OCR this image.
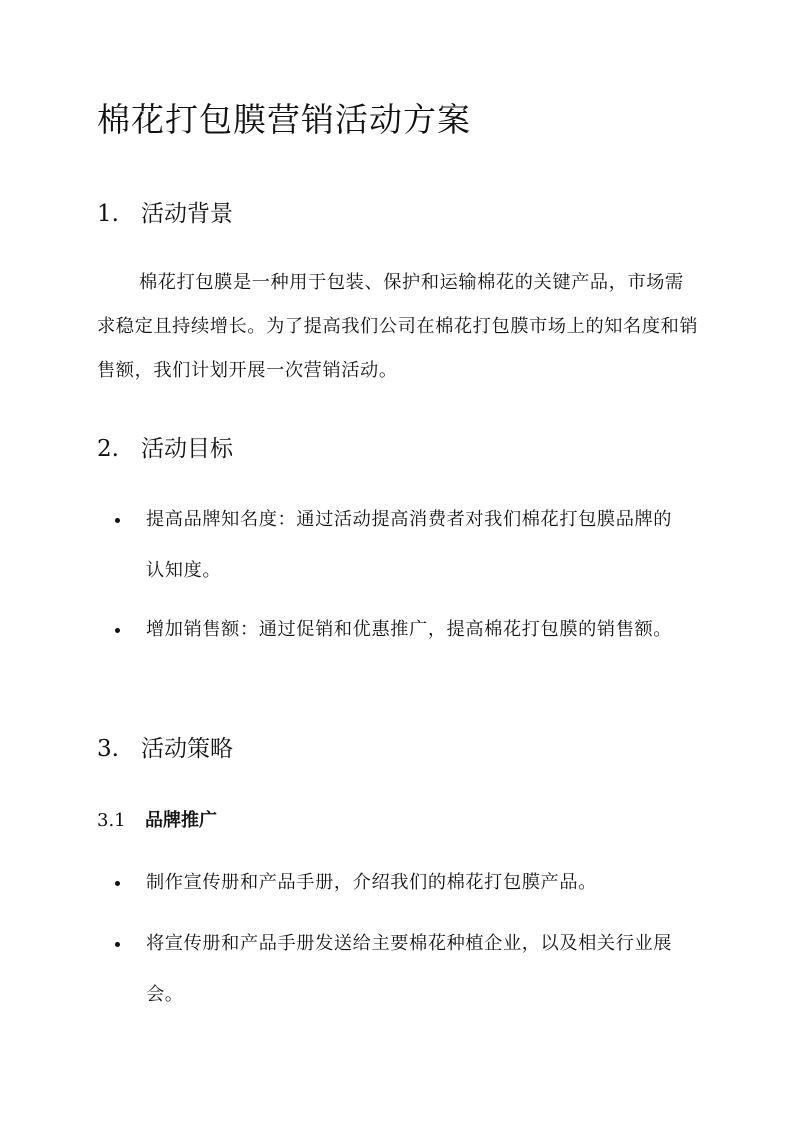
棉花打包膜营销活动方案
1. 活动背景

棉花打包膜是一种用于包装、保护和运输棉花的关键产品，市场需求稳定且持续增长。为了提高我们公司在棉花打包膜市场上的知名度和销售额，我们计划开展一次营销活动。

2. 活动目标
提高品牌知名度：通过活动提高消费者对我们棉花打包膜品牌的认知度。
增加销售额：通过促销和优惠推广，提高棉花打包膜的销售额。
3. 活动策略
3.1 品牌推广
制作宣传册和产品手册，介绍我们的棉花打包膜产品。
将宣传册和产品手册发送给主要棉花种植企业，以及相关行业展会。
